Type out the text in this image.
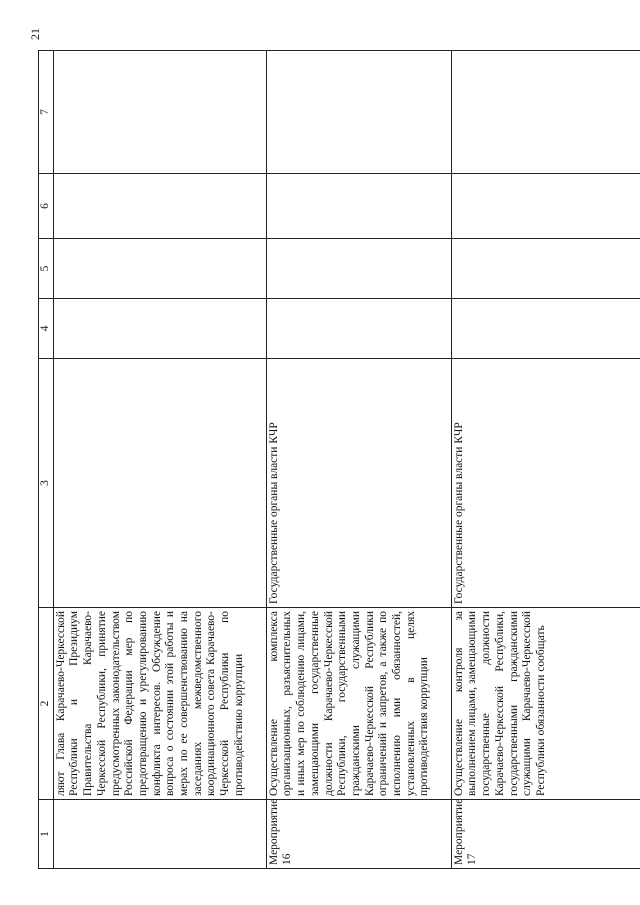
21
1	2	3	4	5	6	7

	ляют Глава Карачаево-Черкесской Республики и Президиум Правительства Карачаево-Черкесской Республики, принятие предусмотренных законодательством Российской Федерации мер по предотвращению и урегулированию конфликта интересов. Обсуждение вопроса о состоянии этой работы и мерах по ее совершенствованию на заседаниях межведомственного координационного совета Карачаево-Черкесской Республики по противодействию коррупции					

Мероприятие 16	Осуществление комплекса организационных, разъяснительных и иных мер по соблюдению лицами, замещающими государственные должности Карачаево-Черкесской Республики, государственными гражданскими служащими Карачаево-Черкесской Республики ограничений и запретов, а также по исполнению ими обязанностей, установленных в целях противодействия коррупции	Государственные органы власти КЧР				
Мероприятие 17	Осуществление контроля за выполнением лицами, замещающими государственные должности Карачаево-Черкесской Республики, государственными гражданскими служащими Карачаево-Черкесской Республики обязанности сообщать	Государственные органы власти КЧР				
